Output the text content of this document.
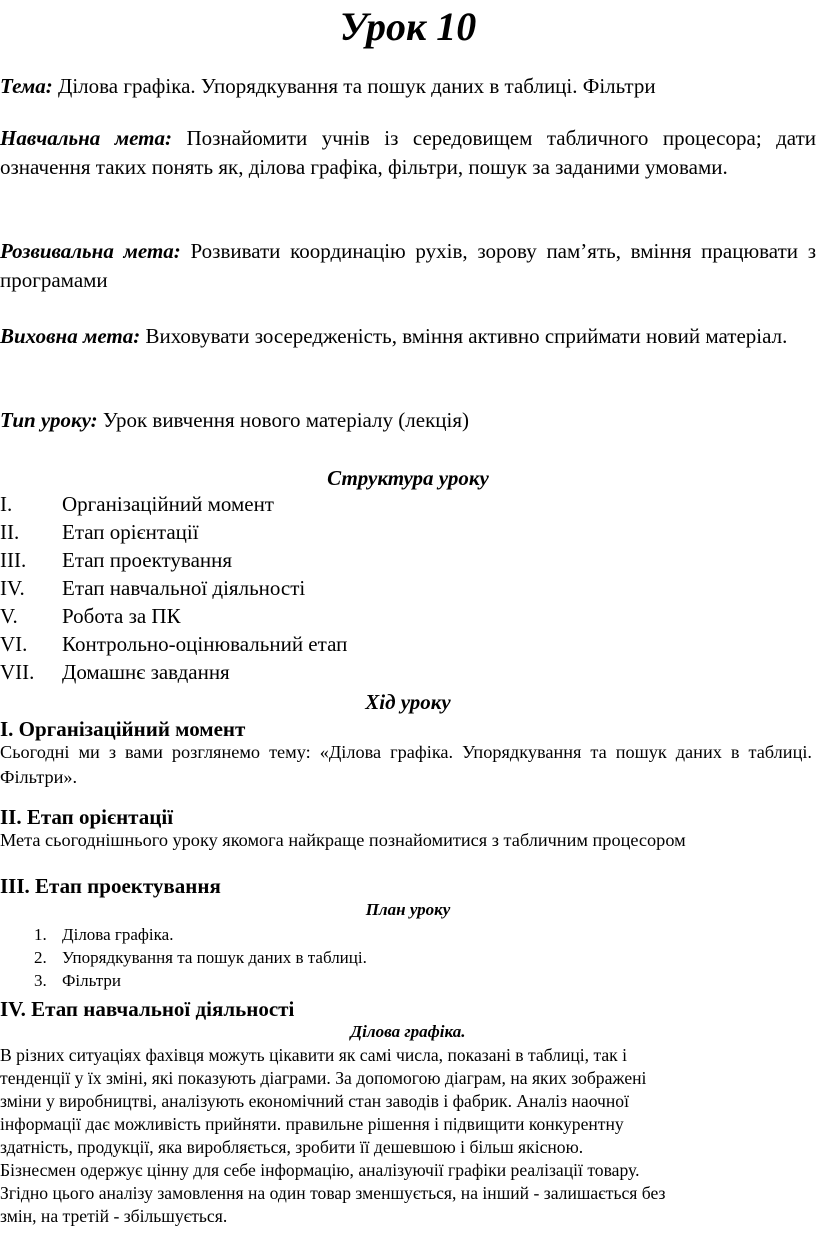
Урок 10

Тема: Ділова графіка. Упорядкування та пошук даних в таблиці. Фільтри

Навчальна мета: Познайомити учнів із середовищем табличного процесора; дати означення таких понять як, ділова графіка, фільтри, пошук за заданими умовами.

Розвивальна мета: Розвивати координацію рухів, зорову пам’ять, вміння працювати з програмами

Виховна мета: Виховувати зосередженість, вміння активно сприймати новий матеріал.

Тип уроку: Урок вивчення нового матеріалу (лекція)

Структура уроку
I. Організаційний момент
II. Етап орієнтації
III. Етап проектування
IV. Етап навчальної діяльності
V. Робота за ПК
VI. Контрольно-оцінювальний етап
VII. Домашнє завдання
Хід уроку
I. Організаційний момент

Сьогодні ми з вами розглянемо тему: «Ділова графіка. Упорядкування та пошук даних в таблиці. Фільтри».

II. Етап орієнтації

Мета сьогоднішнього уроку якомога найкраще познайомитися з табличним процесором

III. Етап проектування
План уроку
1. Ділова графіка.
2. Упорядкування та пошук даних в таблиці.
3. Фільтри
IV. Етап навчальної діяльності
Ділова графіка.
В різних ситуаціях фахівця можуть цікавити як самі числа, показані в таблиці, так і
тенденції у їх зміні, які показують діаграми. За допомогою діаграм, на яких зображені
зміни у виробництві, аналізують економічний стан заводів і фабрик. Аналіз наочної
інформації дає можливість прийняти. правильне рішення і підвищити конкурентну
здатність, продукції, яка виробляється, зробити її дешевшою і більш якісною.
Бізнесмен одержує цінну для себе інформацію, аналізуючії графіки реалізації товару.
Згідно цього аналізу замовлення на один товар зменшується, на інший - залишається без
змін, на третій - збільшується.
